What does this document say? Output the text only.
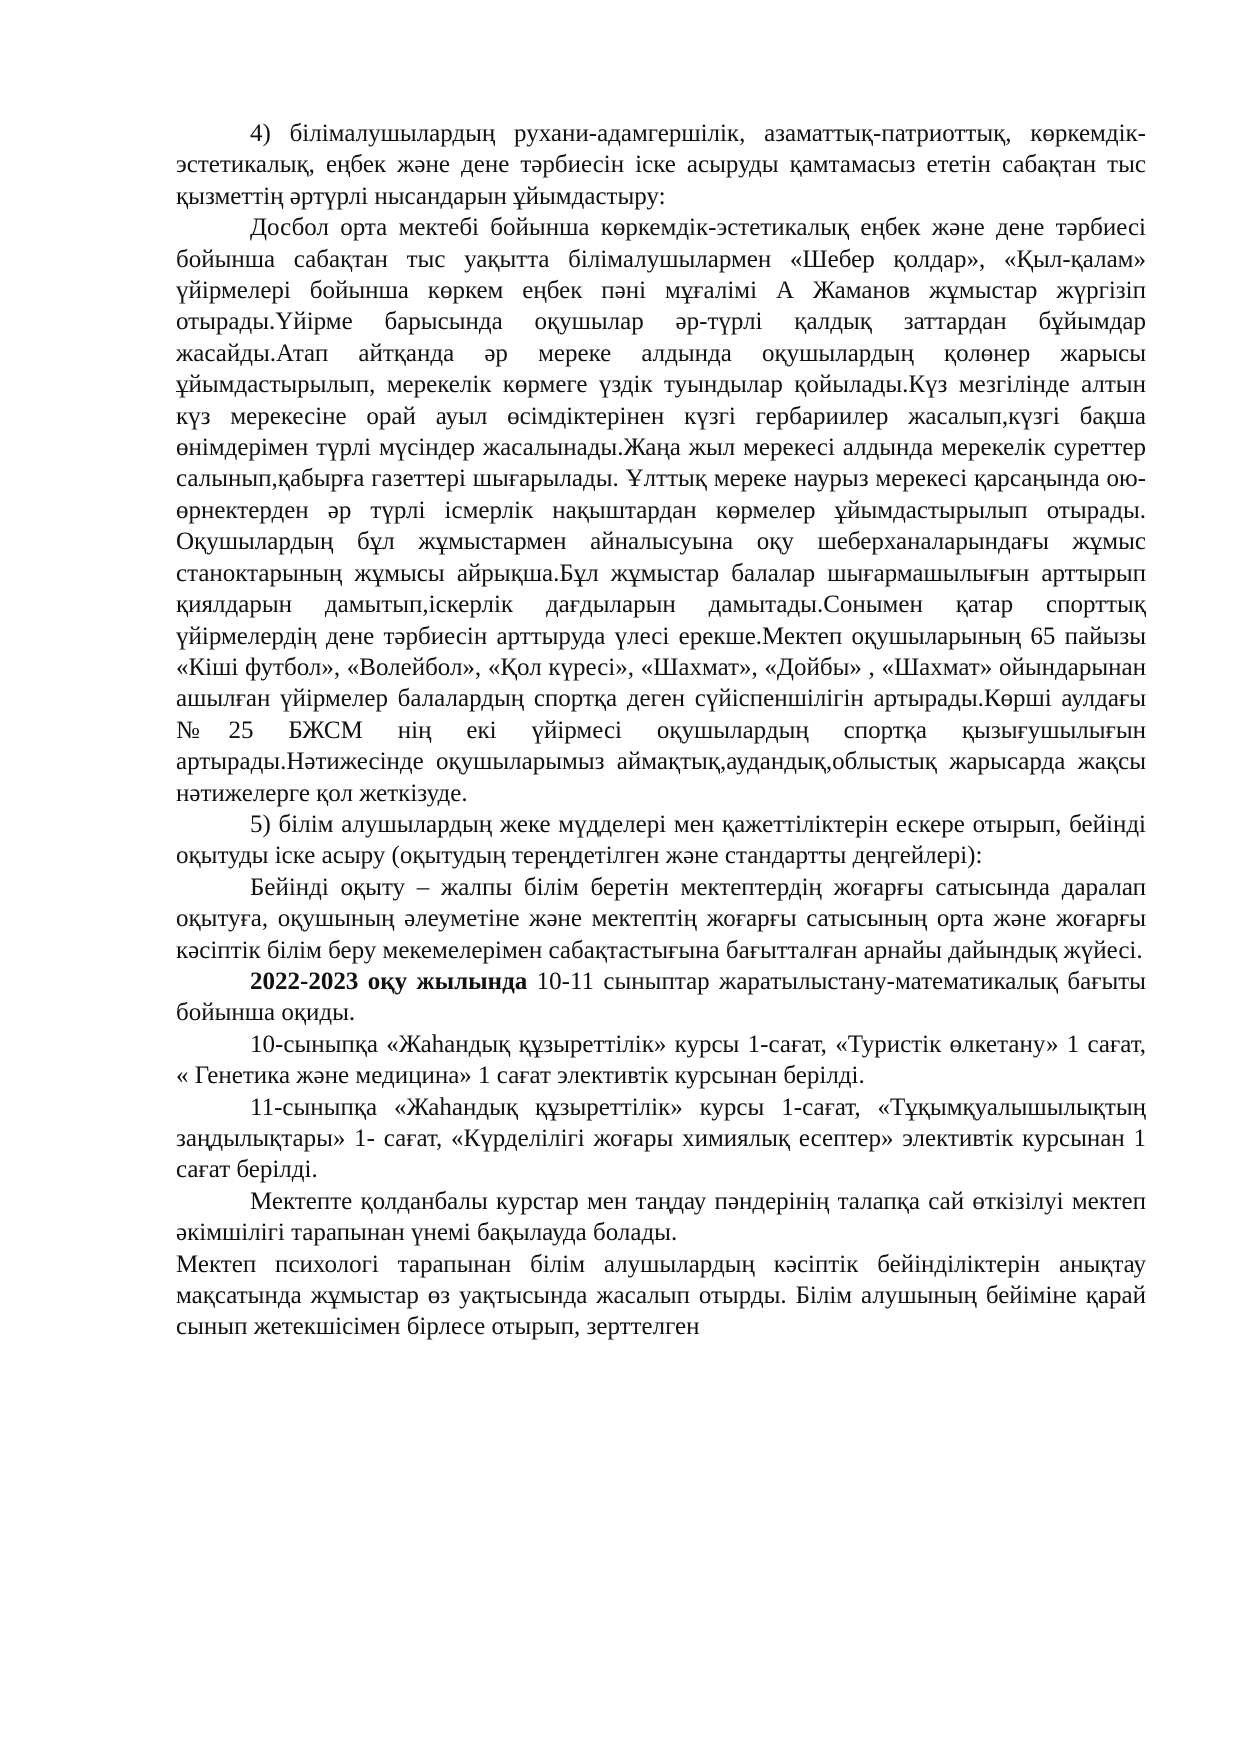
4) білімалушылардың рухани-адамгершілік, азаматтық-патриоттық, көркемдік-эстетикалық, еңбек және дене тәрбиесін іске асыруды қамтамасыз ететін сабақтан тыс қызметтің әртүрлі нысандарын ұйымдастыру:

Досбол орта мектебі бойынша көркемдік-эстетикалық еңбек және дене тәрбиесі бойынша сабақтан тыс уақытта білімалушылармен «Шебер қолдар», «Қыл-қалам» үйірмелері бойынша көркем еңбек пәні мұғалімі А Жаманов жұмыстар жүргізіп отырады.Үйірме барысында оқушылар әр-түрлі қалдық заттардан бұйымдар жасайды.Атап айтқанда әр мереке алдында оқушылардың қолөнер жарысы ұйымдастырылып, мерекелік көрмеге үздік туындылар қойылады.Күз мезгілінде алтын күз мерекесіне орай ауыл өсімдіктерінен күзгі гербариилер жасалып,күзгі бақша өнімдерімен түрлі мүсіндер жасалынады.Жаңа жыл мерекесі алдында мерекелік суреттер салынып,қабырға газеттері шығарылады. Ұлттық мереке наурыз мерекесі қарсаңында ою-өрнектерден әр түрлі ісмерлік нақыштардан көрмелер ұйымдастырылып отырады. Оқушылардың бұл жұмыстармен айналысуына оқу шеберханаларындағы жұмыс станоктарының жұмысы айрықша.Бұл жұмыстар балалар шығармашылығын арттырып қиялдарын дамытып,іскерлік дағдыларын дамытады.Сонымен қатар спорттық үйірмелердің дене тәрбиесін арттыруда үлесі ерекше.Мектеп оқушыларының 65 пайызы «Кіші футбол», «Волейбол», «Қол күресі», «Шахмат», «Дойбы» , «Шахмат» ойындарынан ашылған үйірмелер балалардың спортқа деген сүйіспеншілігін артырады.Көрші аулдағы №25 БЖСМ нің екі үйірмесі оқушылардың спортқа қызығушылығын артырады.Нәтижесінде оқушыларымыз аймақтық,аудандық,облыстық жарысарда жақсы нәтижелерге қол жеткізуде.

5) білім алушылардың жеке мүдделері мен қажеттіліктерін ескере отырып, бейінді оқытуды іске асыру (оқытудың тереңдетілген және стандартты деңгейлері):

Бейінді оқыту – жалпы білім беретін мектептердің жоғарғы сатысында даралап оқытуға, оқушының әлеуметіне және мектептің жоғарғы сатысының орта және жоғарғы кәсіптік білім беру мекемелерімен сабақтастығына бағытталған арнайы дайындық жүйесі.

2022-2023 оқу жылында 10-11 сыныптар жаратылыстану-математикалық бағыты бойынша оқиды.

10-сыныпқа «Жаһандық құзыреттілік» курсы 1-сағат, «Туристік өлкетану» 1 сағат, « Генетика және медицина» 1 сағат элективтік курсынан берілді.

11-сыныпқа «Жаһандық құзыреттілік» курсы 1-сағат, «Тұқымқуалышылықтың заңдылықтары» 1- сағат, «Күрделілігі жоғары химиялық есептер» элективтік курсынан 1 сағат берілді.

Мектепте қолданбалы курстар мен таңдау пәндерінің талапқа сай өткізілуі мектеп әкімшілігі тарапынан үнемі бақылауда болады.

Мектеп психологі тарапынан білім алушылардың кәсіптік бейінділіктерін анықтау мақсатында жұмыстар өз уақтысында жасалып отырды. Білім алушының бейіміне қарай сынып жетекшісімен бірлесе отырып, зерттелген
